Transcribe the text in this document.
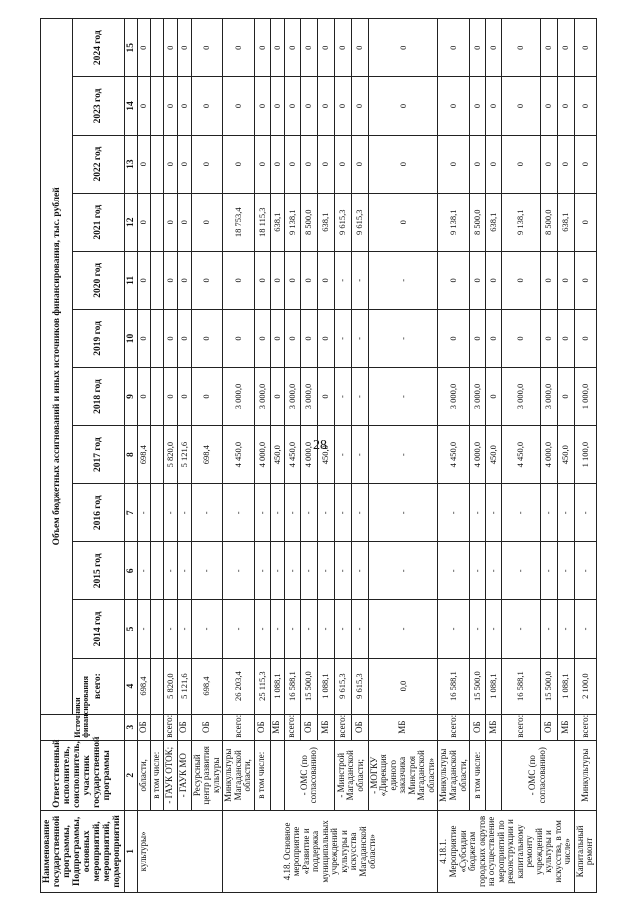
28
Наименование государственной программы, Подпрограммы, основных мероприятий, мероприятий, подмероприятий	Ответственный исполнитель, соисполнитель, участник государственной программы	Источники финансирования	Объем бюджетных ассигнований и иных источников финансирования, тыс. рублей											
			всего:	2014 год	2015 год	2016 год	2017 год	2018 год	2019 год	2020 год	2021 год	2022 год	2023 год	2024 год
1	2	3	4	5	6	7	8	9	10	11	12	13	14	15
культуры»	области,	ОБ	698,4	-	-	-	698,4	0	0	0	0	0	0	0
	в том числе:													
	- ГАУК ОТОК;	всего:	5 820,0	-	-	-	5 820,0	0	0	0	0	0	0	0
	- ГАУК МО	ОБ	5 121,6	-	-	-	5 121,6	0	0	0	0	0	0	0
	Ресурсный центр развития культуры	ОБ	698,4	-	-	-	698,4	0	0	0	0	0	0	0
4.18. Основное мероприятие «Развитие и поддержка муниципальных учреждений культуры и искусства Магаданской области»	Минкультуры Магаданской области,	всего:	26 203,4	-	-	-	4 450,0	3 000,0	0	0	18 753,4	0	0	0
	в том числе:	ОБ	25 115,3	-	-	-	4 000,0	3 000,0	0	0	18 115,3	0	0	0
		МБ	1 088,1	-	-	-	450,0	0	0	0	638,1	0	0	0
	- ОМС (по согласованию)	всего:	16 588,1	-	-	-	4 450,0	3 000,0	0	0	9 138,1	0	0	0
		ОБ	15 500,0	-	-	-	4 000,0	3 000,0	0	0	8 500,0	0	0	0
		МБ	1 088,1	-	-	-	450,0	0	0	0	638,1	0	0	0
	- Минстрой Магаданской области;	всего:	9 615,3	-	-	-	-	-	-	-	9 615,3	0	0	0
		ОБ	9 615,3	-	-	-	-	-	-	-	9 615,3	0	0	0
	- МОГКУ «Дирекция единого заказчика Минстроя Магаданской области»	МБ	0,0	-	-	-	-	-	-	-	0	0	0	0
4.18.1. Мероприятие «Субсидии бюджетам городских округов на осуществление мероприятий по реконструкции и капитальному ремонту учреждений культуры и искусства, в том числе»	Минкультуры Магаданской области,	всего:	16 588,1	-	-	-	4 450,0	3 000,0	0	0	9 138,1	0	0	0
	в том числе:	ОБ	15 500,0	-	-	-	4 000,0	3 000,0	0	0	8 500,0	0	0	0
		МБ	1 088,1	-	-	-	450,0	0	0	0	638,1	0	0	0
	- ОМС (по согласованию)	всего:	16 588,1	-	-	-	4 450,0	3 000,0	0	0	9 138,1	0	0	0
		ОБ	15 500,0	-	-	-	4 000,0	3 000,0	0	0	8 500,0	0	0	0
		МБ	1 088,1	-	-	-	450,0	0	0	0	638,1	0	0	0
Капитальный ремонт	Минкультуры	всего:	2 100,0	-	-	-	1 100,0	1 000,0	0	0	0	0	0	0
